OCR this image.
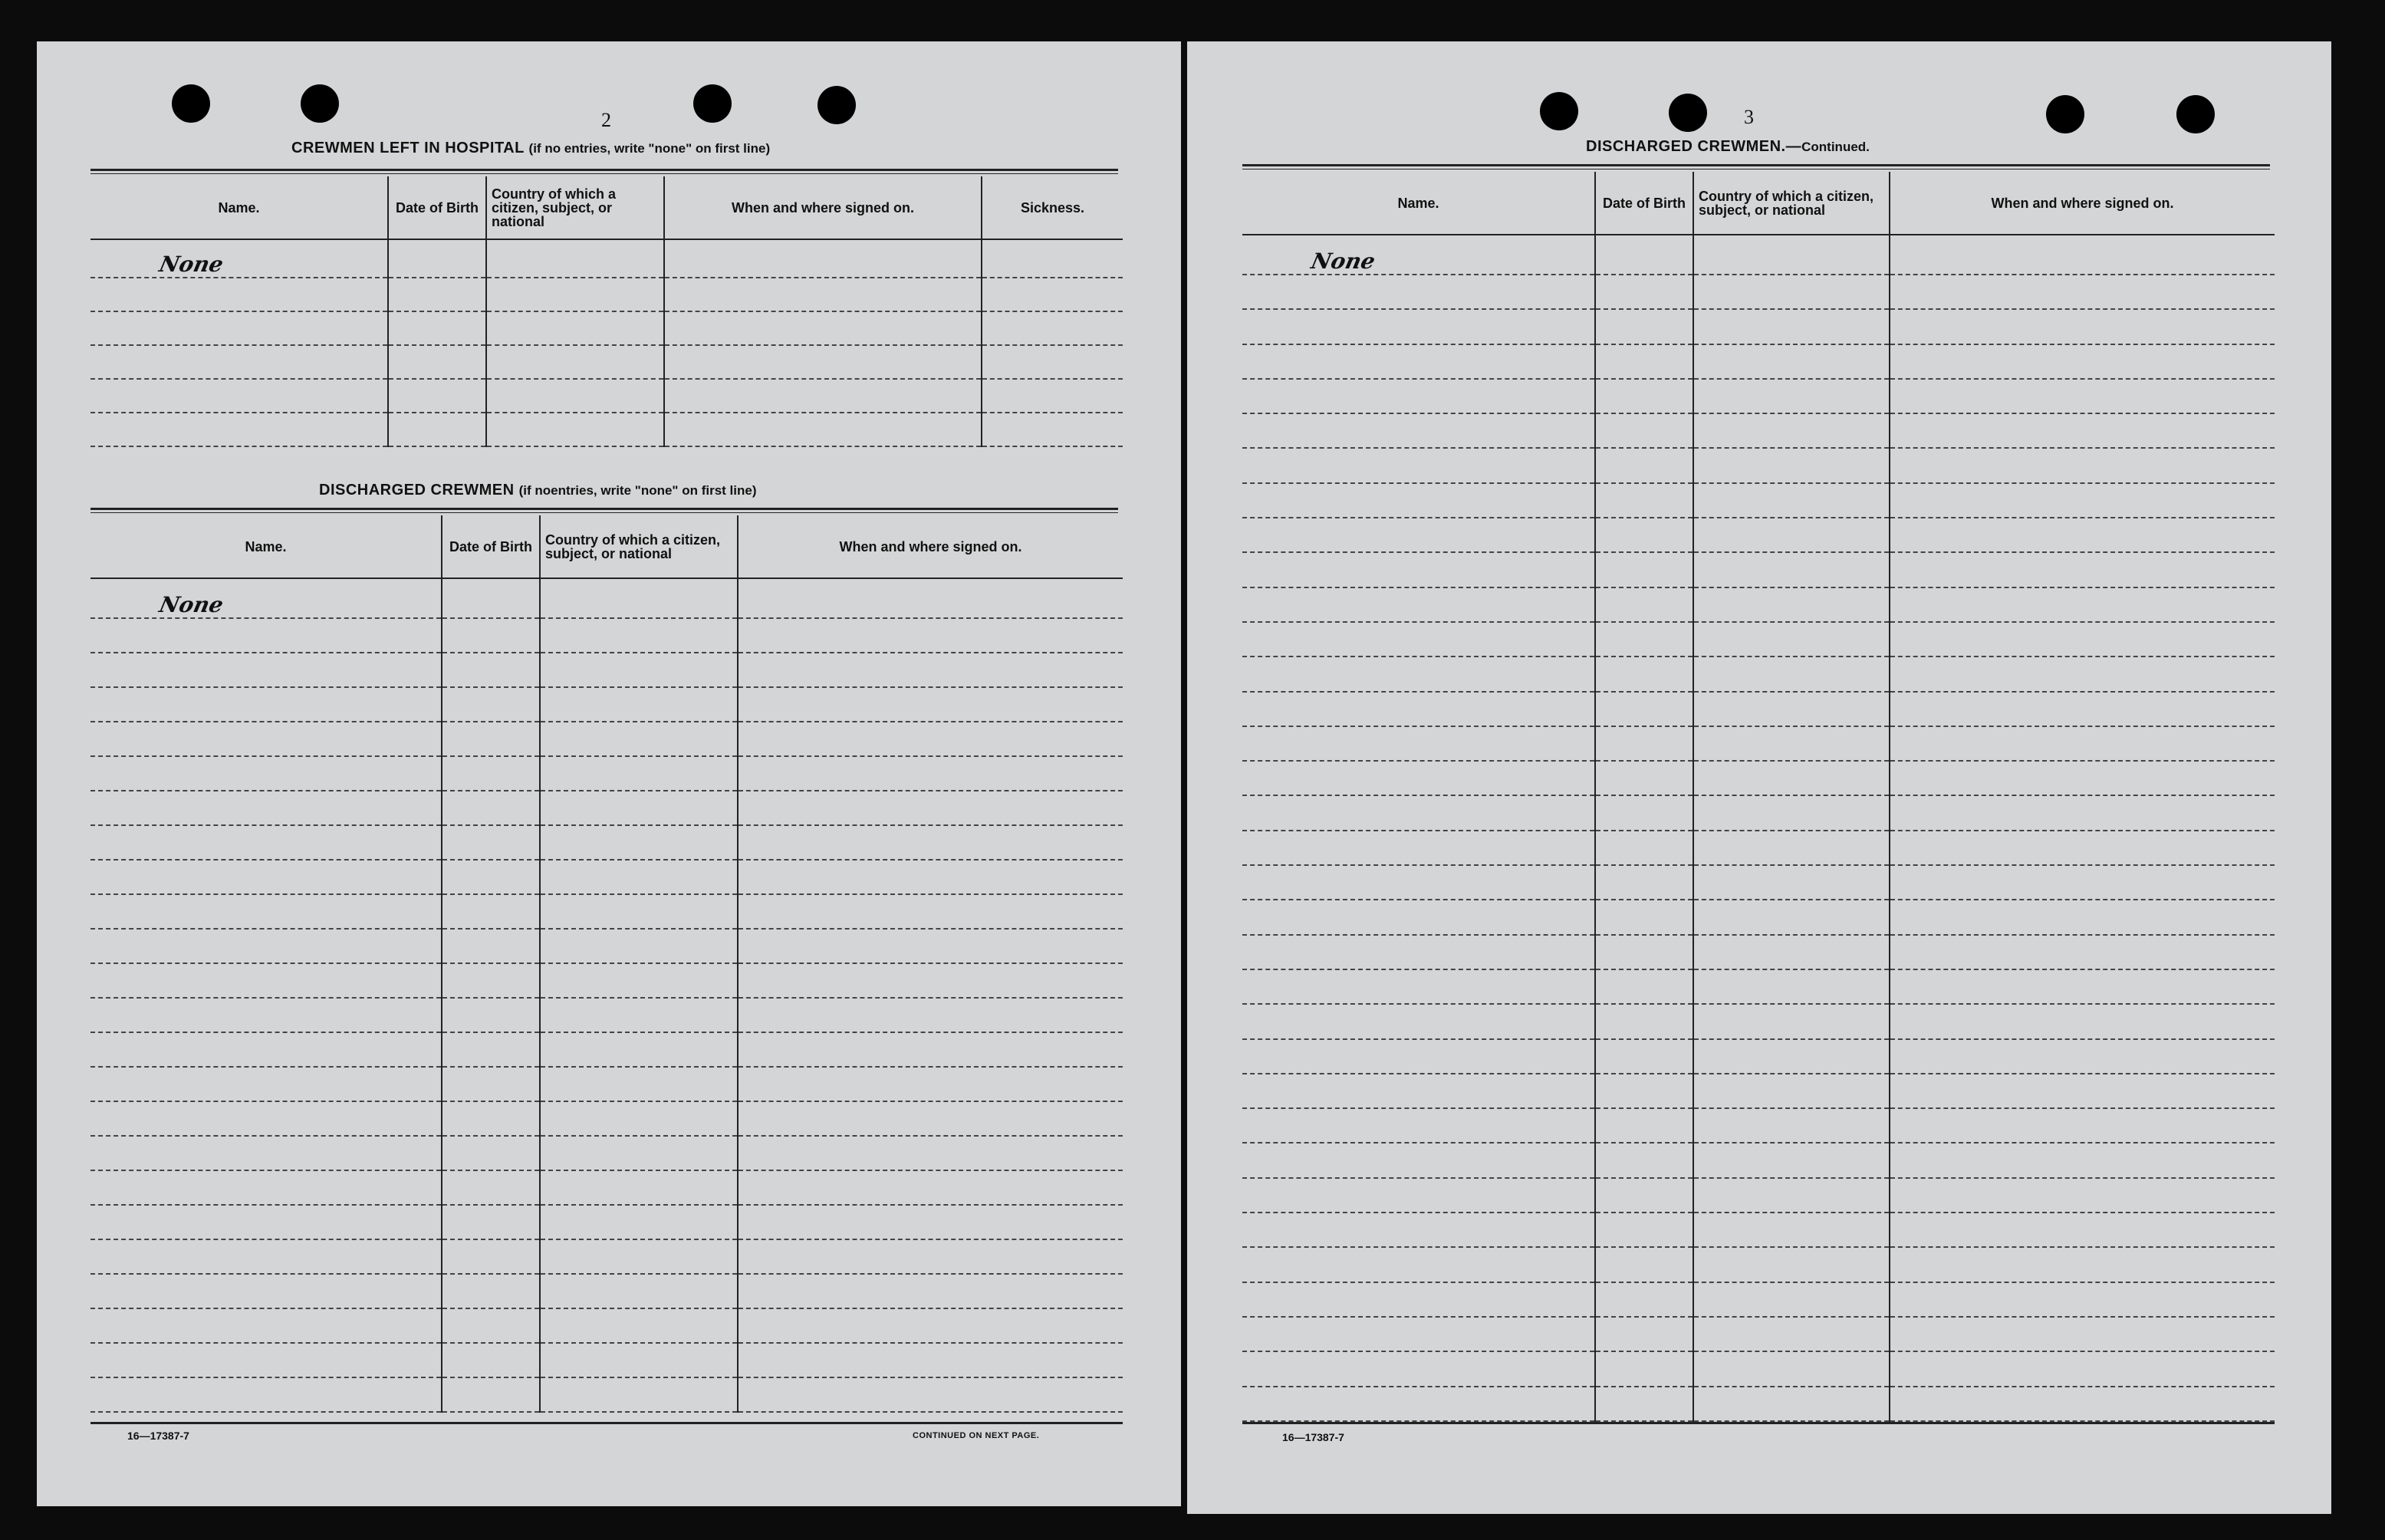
2
CREWMEN LEFT IN HOSPITAL (if no entries, write "none" on first line)
Name.	Date of Birth	Country of which a citizen, subject, or national	When and where signed on.	Sickness.
None				

DISCHARGED CREWMEN (if noentries, write "none" on first line)
Name.	Date of Birth	Country of which a citizen, subject, or national	When and where signed on.
None			

16—17387-7	CONTINUED ON NEXT PAGE.
3
DISCHARGED CREWMEN.—Continued.
Name.	Date of Birth	Country of which a citizen, subject, or national	When and where signed on.
None			

16—17387-7
